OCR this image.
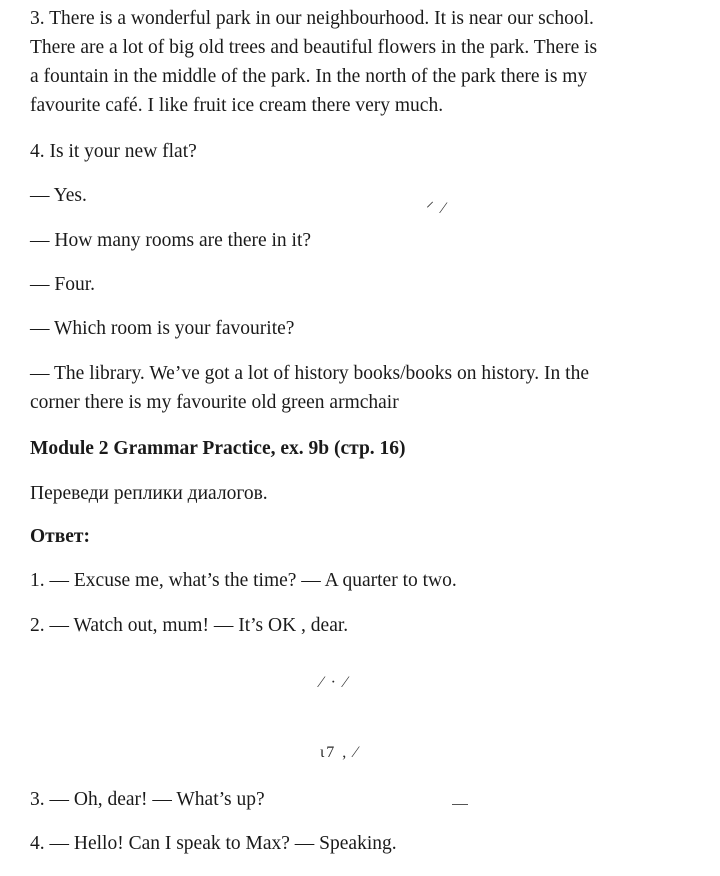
3. There is a wonderful park in our neighbourhood. It is near our school.
There are a lot of big old trees and beautiful flowers in the park. There is
a fountain in the middle of the park. In the north of the park there is my
favourite café. I like fruit ice cream there very much.

4. Is it your new flat?

— Yes.

— How many rooms are there in it?

— Four.

— Which room is your favourite?

— The library. We’ve got a lot of history books/books on history. In the
corner there is my favourite old green armchair

Module 2 Grammar Practice, ex. 9b (стр. 16)

Переведи реплики диалогов.

Ответ:

1. — Excuse me, what’s the time? — A quarter to two.

2. — Watch out, mum! — It’s OK , dear.

3. — Oh, dear! — What’s up?

4. — Hello! Can I speak to Max? — Speaking.

⸍ ⁄
⁄ · ⁄
ι7 , ⁄
